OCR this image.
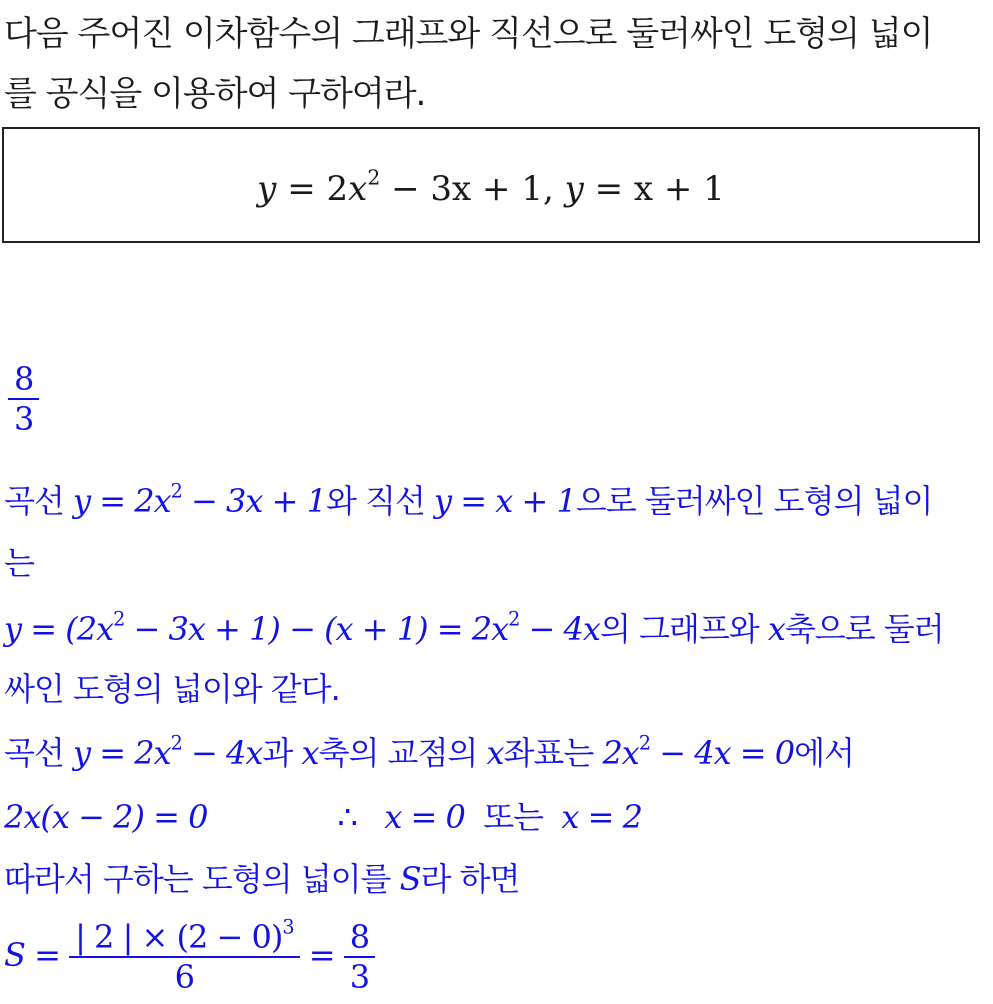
다음 주어진 이차함수의 그래프와 직선으로 둘러싸인 도형의 넓이
를 공식을 이용하여 구하여라.
$y = 2x^2 - 3x + 1$, y = x + 1
$\frac{8}{3}$
곡선 $y = 2x^2 - 3x + 1$와 직선 y = x + 1으로 둘러싸인 도형의 넓이
는
$y = (2x^2 - 3x + 1) - (x + 1) = 2x^2 - 4x$의 그래프와 x축으로 둘러
싸인 도형의 넓이와 같다.
곡선 $y = 2x^2 - 4x$과 x축의 교점의 x좌표는 $2x^2 - 4x = 0$에서
2x(x − 2) = 0	∴ x = 0 또는 x = 2
따라서 구하는 도형의 넓이를 S라 하면
$S = \frac{| 2 | \times (2 - 0)^3}{6} = \frac{8}{3}$
